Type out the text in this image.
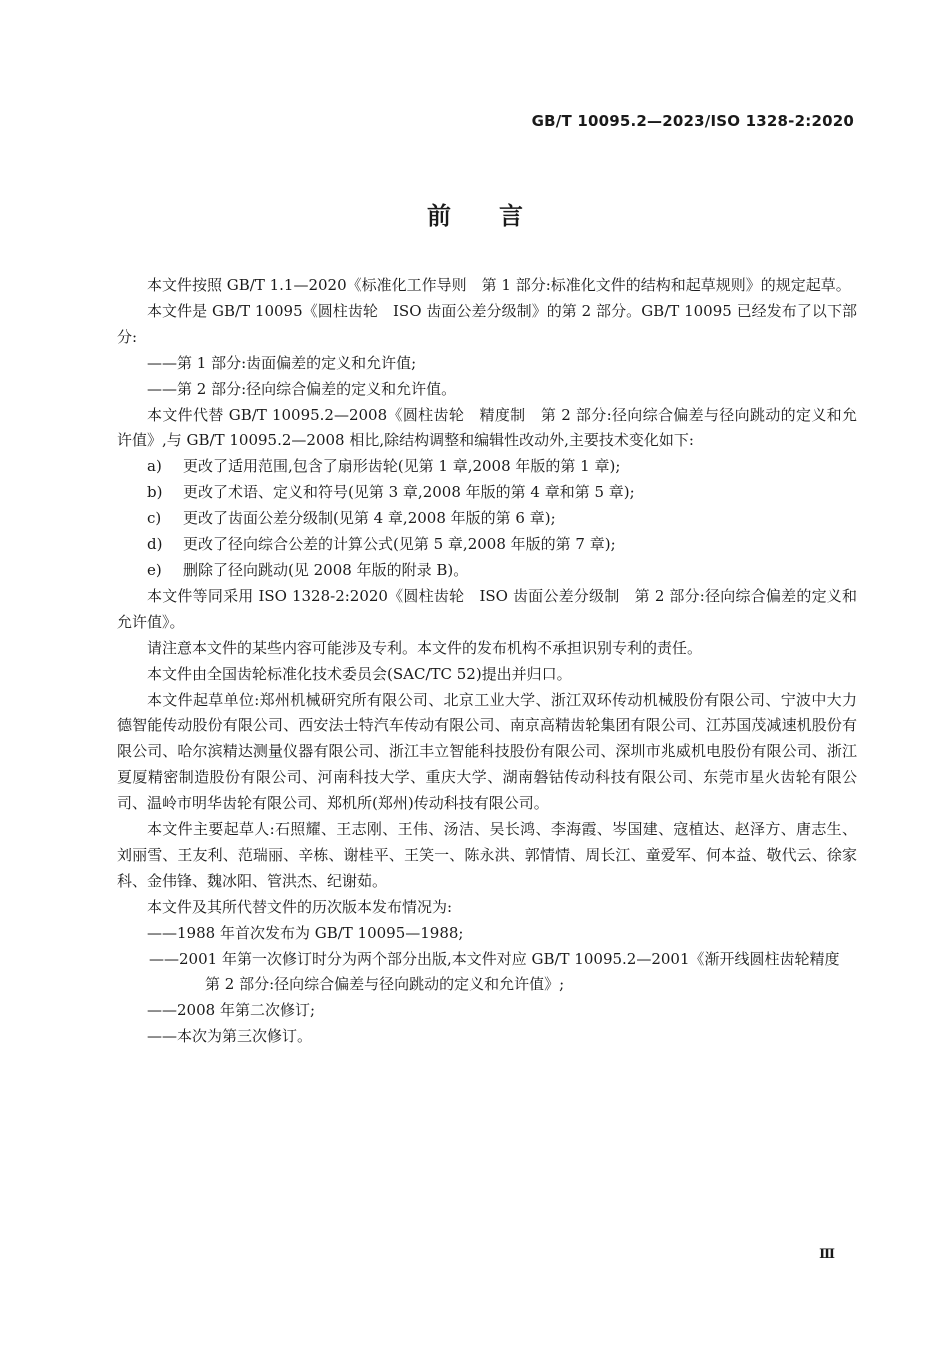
GB/T 10095.2—2023/ISO 1328-2:2020
前言

本文件按照 GB/T 1.1—2020《标准化工作导则　第 1 部分:标准化文件的结构和起草规则》的规定起草。

本文件是 GB/T 10095《圆柱齿轮　ISO 齿面公差分级制》的第 2 部分。GB/T 10095 已经发布了以下部分:

——第 1 部分:齿面偏差的定义和允许值;

——第 2 部分:径向综合偏差的定义和允许值。

本文件代替 GB/T 10095.2—2008《圆柱齿轮　精度制　第 2 部分:径向综合偏差与径向跳动的定义和允许值》,与 GB/T 10095.2—2008 相比,除结构调整和编辑性改动外,主要技术变化如下:

a) 更改了适用范围,包含了扇形齿轮(见第 1 章,2008 年版的第 1 章);

b) 更改了术语、定义和符号(见第 3 章,2008 年版的第 4 章和第 5 章);

c) 更改了齿面公差分级制(见第 4 章,2008 年版的第 6 章);

d) 更改了径向综合公差的计算公式(见第 5 章,2008 年版的第 7 章);

e) 删除了径向跳动(见 2008 年版的附录 B)。

本文件等同采用 ISO 1328-2:2020《圆柱齿轮　ISO 齿面公差分级制　第 2 部分:径向综合偏差的定义和允许值》。

请注意本文件的某些内容可能涉及专利。本文件的发布机构不承担识别专利的责任。

本文件由全国齿轮标准化技术委员会(SAC/TC 52)提出并归口。

本文件起草单位:郑州机械研究所有限公司、北京工业大学、浙江双环传动机械股份有限公司、宁波中大力德智能传动股份有限公司、西安法士特汽车传动有限公司、南京高精齿轮集团有限公司、江苏国茂减速机股份有限公司、哈尔滨精达测量仪器有限公司、浙江丰立智能科技股份有限公司、深圳市兆威机电股份有限公司、浙江夏厦精密制造股份有限公司、河南科技大学、重庆大学、湖南磐钴传动科技有限公司、东莞市星火齿轮有限公司、温岭市明华齿轮有限公司、郑机所(郑州)传动科技有限公司。

本文件主要起草人:石照耀、王志刚、王伟、汤洁、吴长鸿、李海霞、岑国建、寇植达、赵泽方、唐志生、刘丽雪、王友利、范瑞丽、辛栋、谢桂平、王笑一、陈永洪、郭情情、周长江、童爱军、何本益、敬代云、徐家科、金伟锋、魏冰阳、管洪杰、纪谢茹。

本文件及其所代替文件的历次版本发布情况为:

——1988 年首次发布为 GB/T 10095—1988;

——2001 年第一次修订时分为两个部分出版,本文件对应 GB/T 10095.2—2001《渐开线圆柱齿轮精度　第 2 部分:径向综合偏差与径向跳动的定义和允许值》;

——2008 年第二次修订;

——本次为第三次修订。

Ⅲ
